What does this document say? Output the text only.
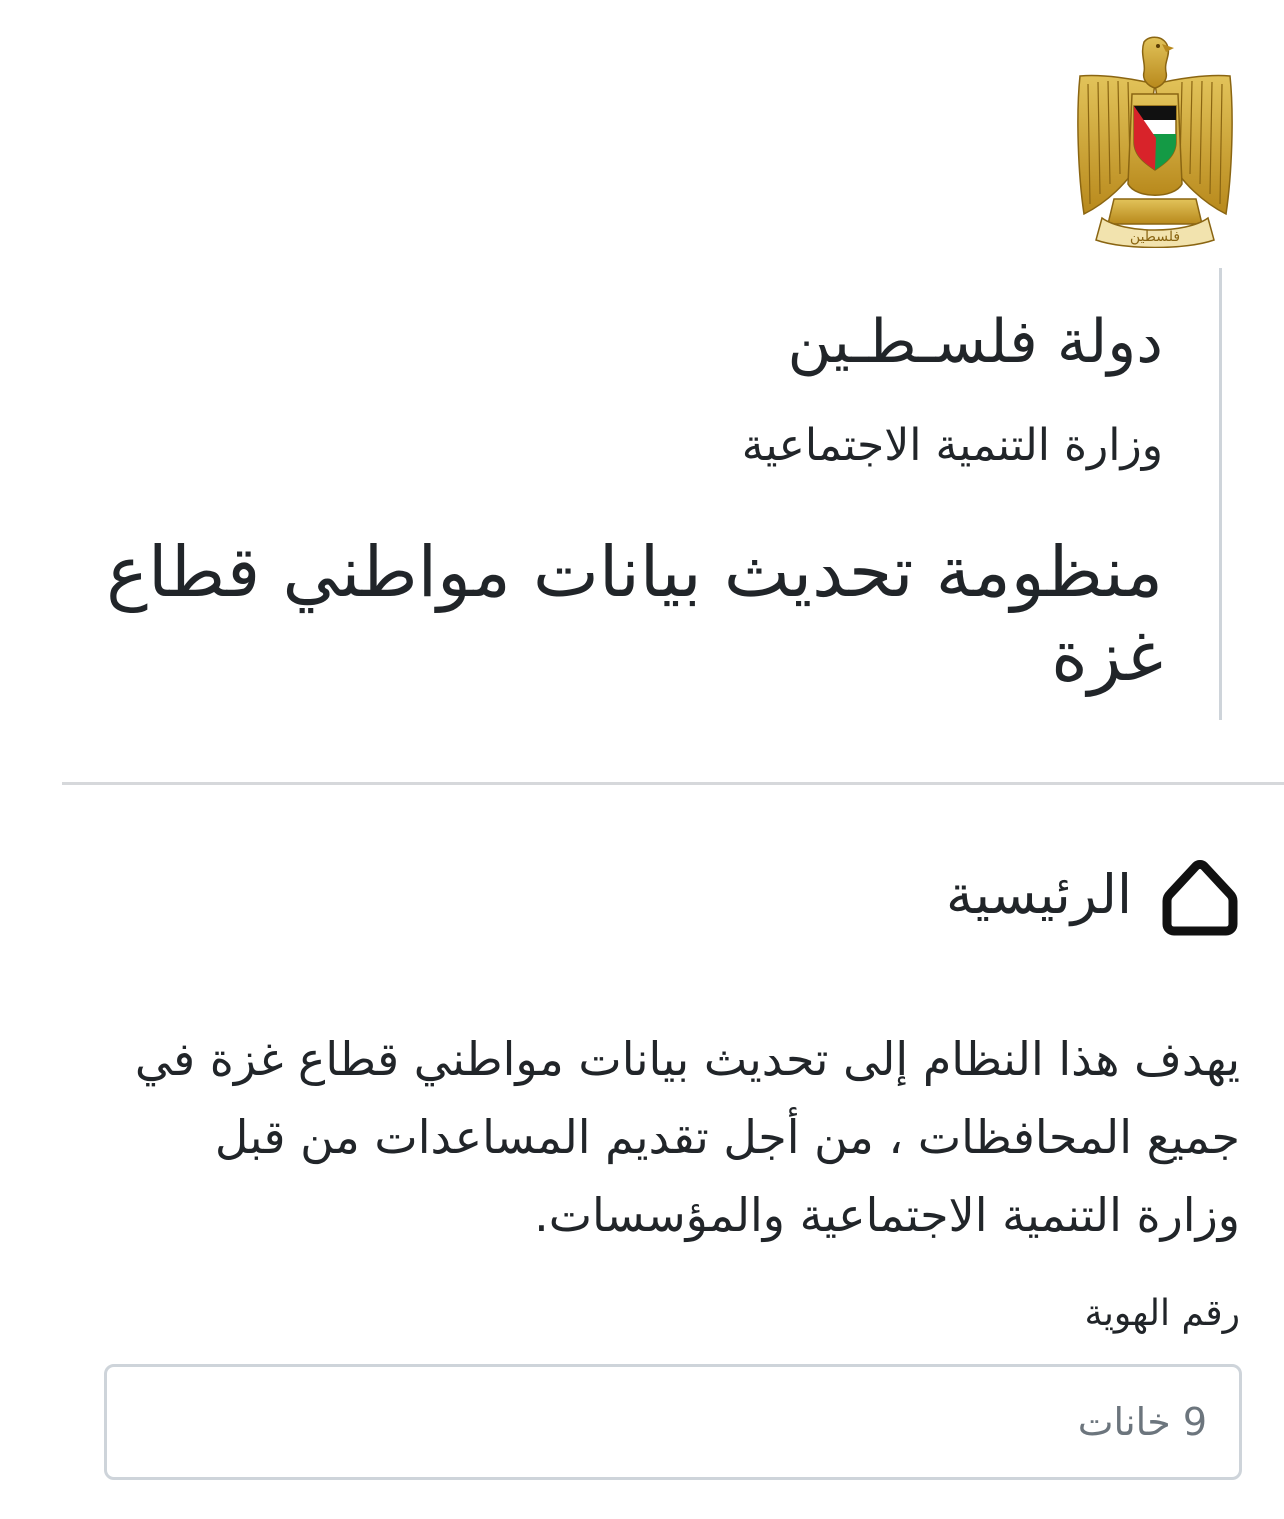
فلسطين
دولة فلسـطـين
وزارة التنمية الاجتماعية
منظومة تحديث بيانات مواطني قطاع غزة
الرئيسية

يهدف هذا النظام إلى تحديث بيانات مواطني قطاع غزة في جميع المحافظات ، من أجل تقديم المساعدات من قبل وزارة التنمية الاجتماعية والمؤسسات.

رقم الهوية
9 خانات
